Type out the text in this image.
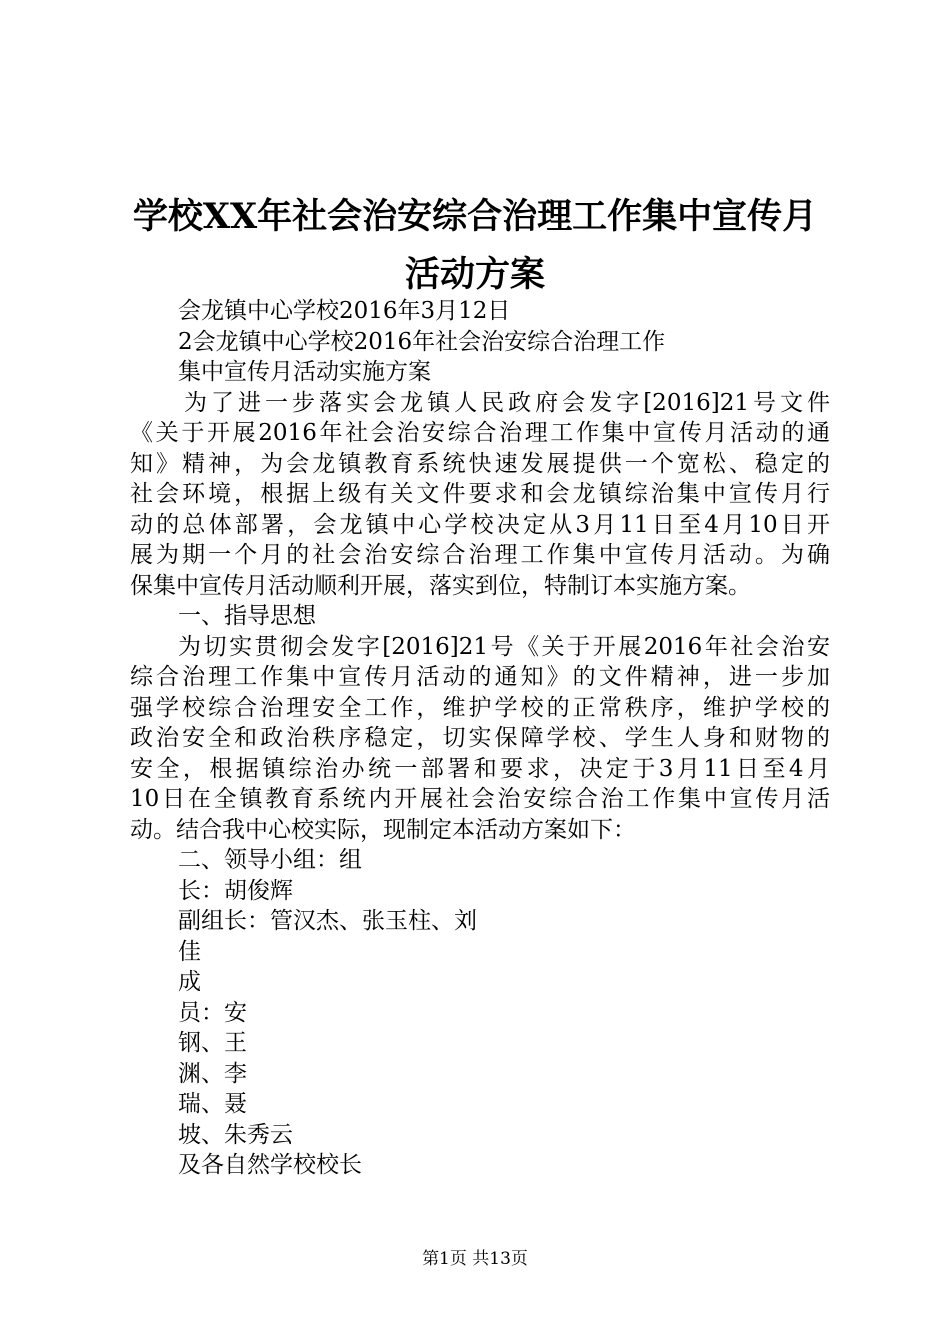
学校XX年社会治安综合治理工作集中宣传月
活动方案
会龙镇中心学校2016年3月12日
2会龙镇中心学校2016年社会治安综合治理工作
集中宣传月活动实施方案
为了进一步落实会龙镇人民政府会发字[2016]21号文件
《关于开展2016年社会治安综合治理工作集中宣传月活动的通
知》精神，为会龙镇教育系统快速发展提供一个宽松、稳定的
社会环境，根据上级有关文件要求和会龙镇综治集中宣传月行
动的总体部署，会龙镇中心学校决定从3月11日至4月10日开
展为期一个月的社会治安综合治理工作集中宣传月活动。为确
保集中宣传月活动顺利开展，落实到位，特制订本实施方案。
一、指导思想
为切实贯彻会发字[2016]21号《关于开展2016年社会治安
综合治理工作集中宣传月活动的通知》的文件精神，进一步加
强学校综合治理安全工作，维护学校的正常秩序，维护学校的
政治安全和政治秩序稳定，切实保障学校、学生人身和财物的
安全，根据镇综治办统一部署和要求，决定于3月11日至4月
10日在全镇教育系统内开展社会治安综合治工作集中宣传月活
动。结合我中心校实际，现制定本活动方案如下：
二、领导小组：组
长：胡俊辉
副组长：管汉杰、张玉柱、刘
佳
成
员：安
钢、王
渊、李
瑞、聂
坡、朱秀云
及各自然学校校长
第1页 共13页
